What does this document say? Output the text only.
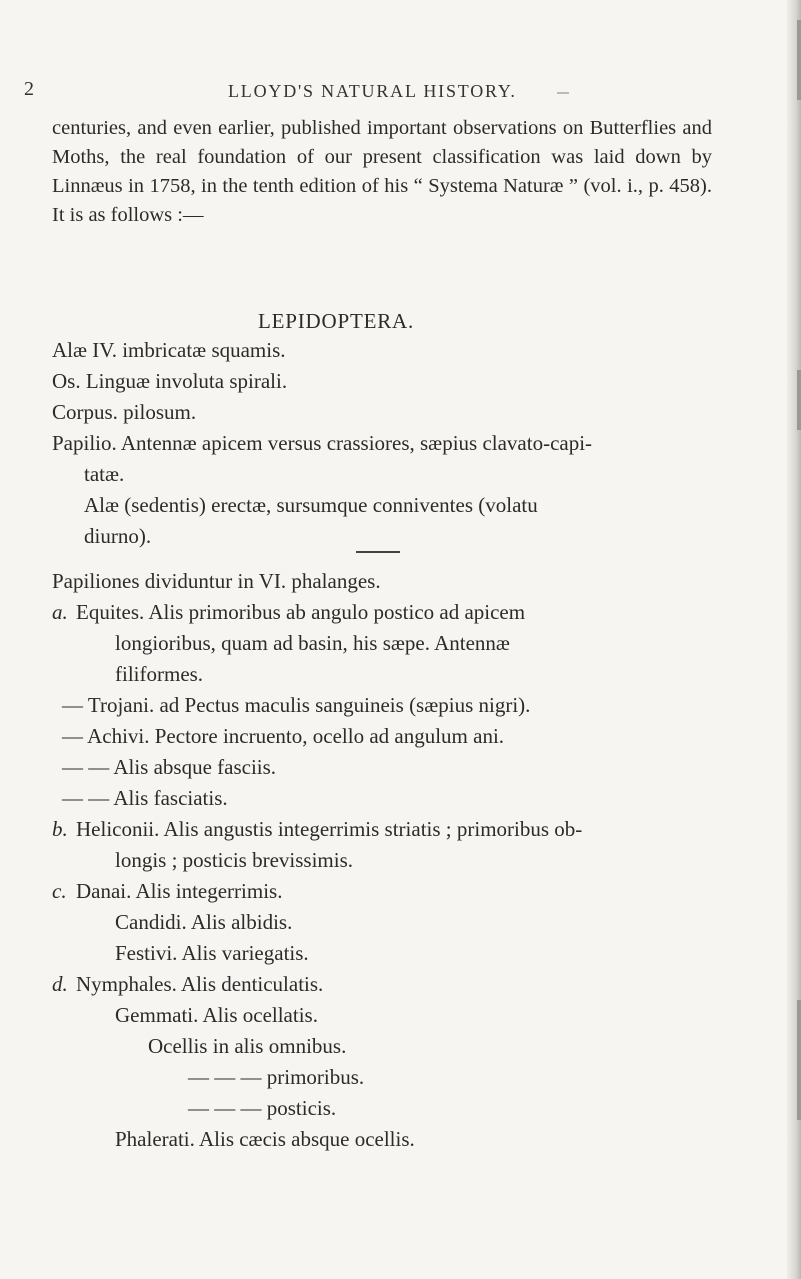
2	LLOYD'S NATURAL HISTORY.

centuries, and even earlier, published important observations on Butterflies and Moths, the real foundation of our present classification was laid down by Linnæus in 1758, in the tenth edition of his “ Systema Naturæ ” (vol. i., p. 458). It is as follows :—

LEPIDOPTERA.
Alæ IV. imbricatæ squamis.
Os. Linguæ involuta spirali.
Corpus. pilosum.
Papilio. Antennæ apicem versus crassiores, sæpius clavato-capi-
tatæ.
Alæ (sedentis) erectæ, sursumque conniventes (volatu
diurno).
Papiliones dividuntur in VI. phalanges.
a. Equites. Alis primoribus ab angulo postico ad apicem
longioribus, quam ad basin, his sæpe. Antennæ
filiformes.
— Trojani. ad Pectus maculis sanguineis (sæpius nigri).
— Achivi. Pectore incruento, ocello ad angulum ani.
— — Alis absque fasciis.
— — Alis fasciatis.
b. Heliconii. Alis angustis integerrimis striatis ; primoribus ob-
longis ; posticis brevissimis.
c. Danai. Alis integerrimis.
Candidi. Alis albidis.
Festivi. Alis variegatis.
d. Nymphales. Alis denticulatis.
Gemmati. Alis ocellatis.
Ocellis in alis omnibus.
— — — primoribus.
— — — posticis.
Phalerati. Alis cæcis absque ocellis.
